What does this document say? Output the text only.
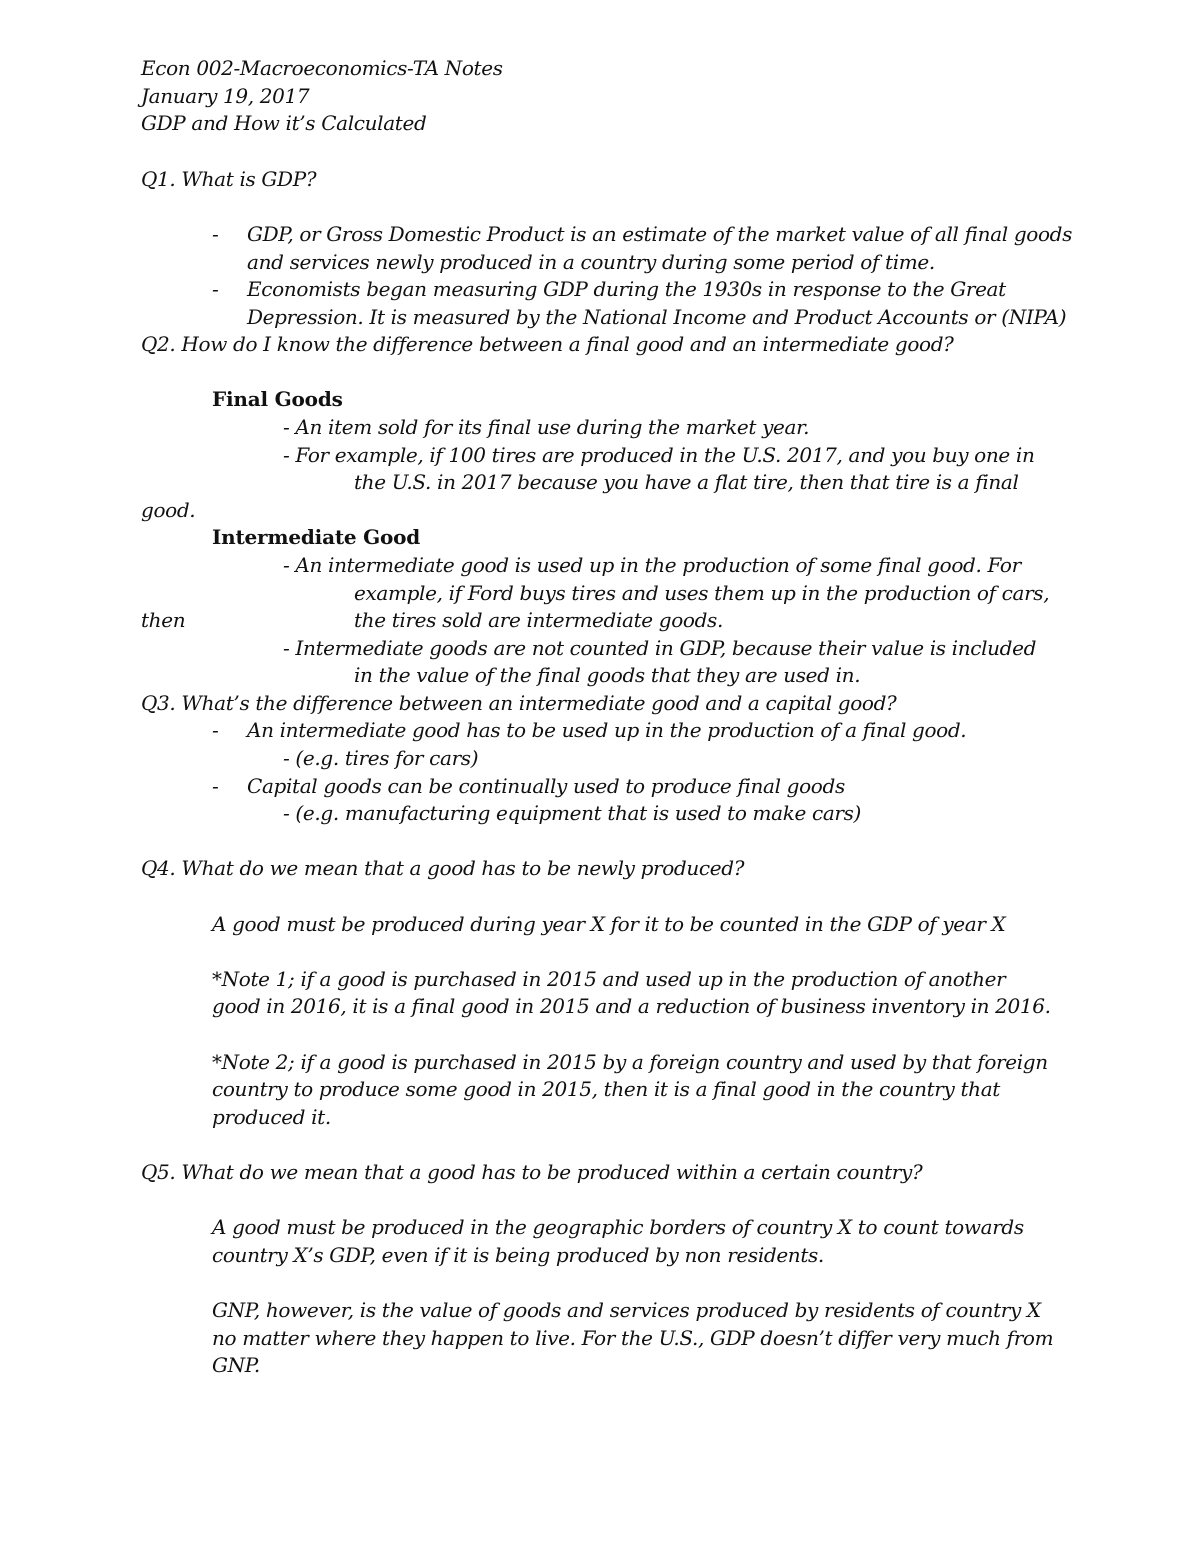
Econ 002-Macroeconomics-TA Notes
January 19, 2017
GDP and How it’s Calculated
Q1. What is GDP?
- GDP, or Gross Domestic Product is an estimate of the market value of all final goods
and services newly produced in a country during some period of time.
- Economists began measuring GDP during the 1930s in response to the Great
Depression. It is measured by the National Income and Product Accounts or (NIPA)
Q2. How do I know the difference between a final good and an intermediate good?
Final Goods
- An item sold for its final use during the market year.
- For example, if 100 tires are produced in the U.S. 2017, and you buy one in
the U.S. in 2017 because you have a flat tire, then that tire is a final
good.
Intermediate Good
- An intermediate good is used up in the production of some final good. For
example, if Ford buys tires and uses them up in the production of cars,
then	the tires sold are intermediate goods.
- Intermediate goods are not counted in GDP, because their value is included
in the value of the final goods that they are used in.
Q3. What’s the difference between an intermediate good and a capital good?
- An intermediate good has to be used up in the production of a final good.
- (e.g. tires for cars)
- Capital goods can be continually used to produce final goods
- (e.g. manufacturing equipment that is used to make cars)
Q4. What do we mean that a good has to be newly produced?
A good must be produced during year X for it to be counted in the GDP of year X
*Note 1; if a good is purchased in 2015 and used up in the production of another
good in 2016, it is a final good in 2015 and a reduction of business inventory in 2016.
*Note 2; if a good is purchased in 2015 by a foreign country and used by that foreign
country to produce some good in 2015, then it is a final good in the country that
produced it.
Q5. What do we mean that a good has to be produced within a certain country?
A good must be produced in the geographic borders of country X to count towards
country X’s GDP, even if it is being produced by non residents.
GNP, however, is the value of goods and services produced by residents of country X
no matter where they happen to live. For the U.S., GDP doesn’t differ very much from
GNP.
